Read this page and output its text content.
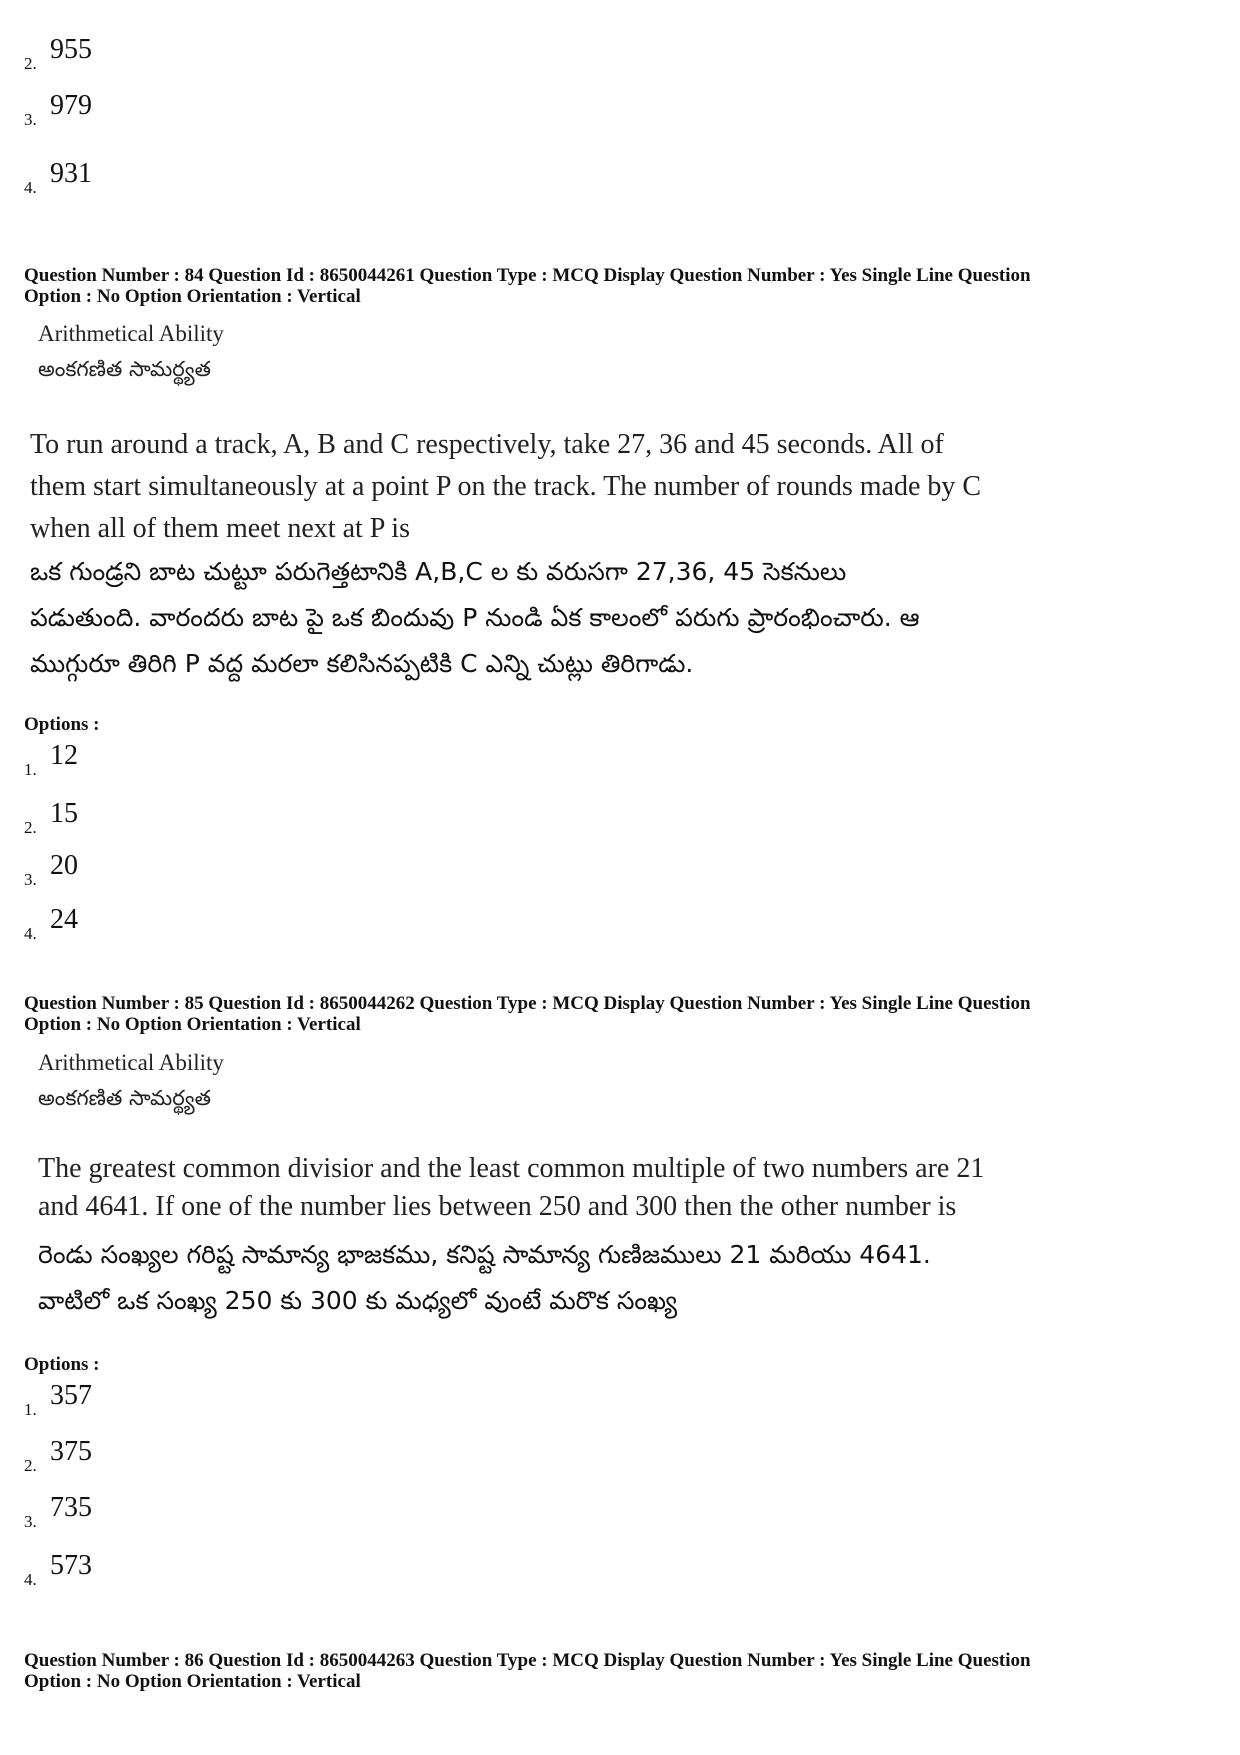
2. 955
3. 979
4. 931
Question Number : 84 Question Id : 8650044261 Question Type : MCQ Display Question Number : Yes Single Line Question
Option : No Option Orientation : Vertical
Arithmetical Ability
అంకగణిత సామర్థ్యత
To run around a track, A, B and C respectively, take 27, 36 and 45 seconds. All of
them start simultaneously at a point P on the track. The number of rounds made by C
when all of them meet next at P is
ఒక గుండ్రని బాట చుట్టూ పరుగెత్తటానికి A,B,C ల కు వరుసగా 27,36, 45 సెకనులు
పడుతుంది. వారందరు బాట పై ఒక బిందువు P నుండి ఏక కాలంలో పరుగు ప్రారంభించారు. ఆ
ముగ్గురూ తిరిగి P వద్ద మరలా కలిసినప్పటికి C ఎన్ని చుట్లు తిరిగాడు.
Options :
1. 12
2. 15
3. 20
4. 24
Question Number : 85 Question Id : 8650044262 Question Type : MCQ Display Question Number : Yes Single Line Question
Option : No Option Orientation : Vertical
Arithmetical Ability
అంకగణిత సామర్థ్యత
The greatest common divisior and the least common multiple of two numbers are 21
and 4641. If one of the number lies between 250 and 300 then the other number is
రెండు సంఖ్యల గరిష్ట సామాన్య భాజకము, కనిష్ట సామాన్య గుణిజములు 21 మరియు 4641.
వాటిలో ఒక సంఖ్య 250 కు 300 కు మధ్యలో వుంటే మరొక సంఖ్య
Options :
1. 357
2. 375
3. 735
4. 573
Question Number : 86 Question Id : 8650044263 Question Type : MCQ Display Question Number : Yes Single Line Question
Option : No Option Orientation : Vertical
